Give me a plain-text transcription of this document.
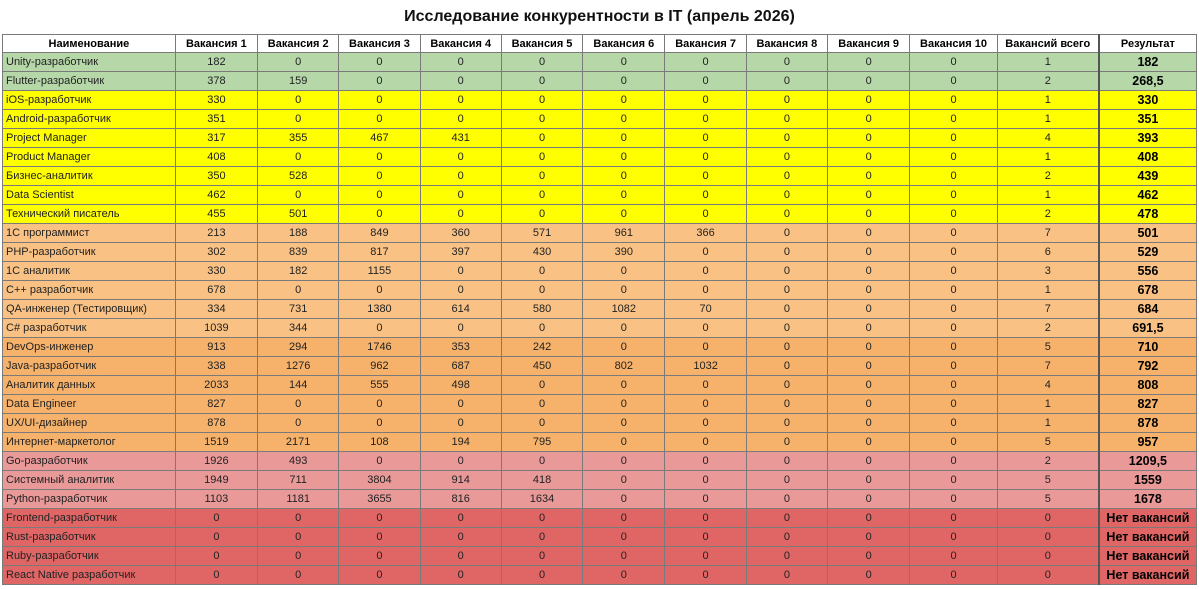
Исследование конкурентности в IT (апрель 2026)
Наименование	Вакансия 1	Вакансия 2	Вакансия 3	Вакансия 4	Вакансия 5	Вакансия 6	Вакансия 7	Вакансия 8	Вакансия 9	Вакансия 10	Вакансий всего	Результат
Unity-разработчик	182	0	0	0	0	0	0	0	0	0	1	182
Flutter-разработчик	378	159	0	0	0	0	0	0	0	0	2	268,5
iOS-разработчик	330	0	0	0	0	0	0	0	0	0	1	330
Android-разработчик	351	0	0	0	0	0	0	0	0	0	1	351
Project Manager	317	355	467	431	0	0	0	0	0	0	4	393
Product Manager	408	0	0	0	0	0	0	0	0	0	1	408
Бизнес-аналитик	350	528	0	0	0	0	0	0	0	0	2	439
Data Scientist	462	0	0	0	0	0	0	0	0	0	1	462
Технический писатель	455	501	0	0	0	0	0	0	0	0	2	478
1С программист	213	188	849	360	571	961	366	0	0	0	7	501
PHP-разработчик	302	839	817	397	430	390	0	0	0	0	6	529
1С аналитик	330	182	1155	0	0	0	0	0	0	0	3	556
C++ разработчик	678	0	0	0	0	0	0	0	0	0	1	678
QA-инженер (Тестировщик)	334	731	1380	614	580	1082	70	0	0	0	7	684
C# разработчик	1039	344	0	0	0	0	0	0	0	0	2	691,5
DevOps-инженер	913	294	1746	353	242	0	0	0	0	0	5	710
Java-разработчик	338	1276	962	687	450	802	1032	0	0	0	7	792
Аналитик данных	2033	144	555	498	0	0	0	0	0	0	4	808
Data Engineer	827	0	0	0	0	0	0	0	0	0	1	827
UX/UI-дизайнер	878	0	0	0	0	0	0	0	0	0	1	878
Интернет-маркетолог	1519	2171	108	194	795	0	0	0	0	0	5	957
Go-разработчик	1926	493	0	0	0	0	0	0	0	0	2	1209,5
Системный аналитик	1949	711	3804	914	418	0	0	0	0	0	5	1559
Python-разработчик	1103	1181	3655	816	1634	0	0	0	0	0	5	1678
Frontend-разработчик	0	0	0	0	0	0	0	0	0	0	0	Нет вакансий
Rust-разработчик	0	0	0	0	0	0	0	0	0	0	0	Нет вакансий
Ruby-разработчик	0	0	0	0	0	0	0	0	0	0	0	Нет вакансий
React Native разработчик	0	0	0	0	0	0	0	0	0	0	0	Нет вакансий
